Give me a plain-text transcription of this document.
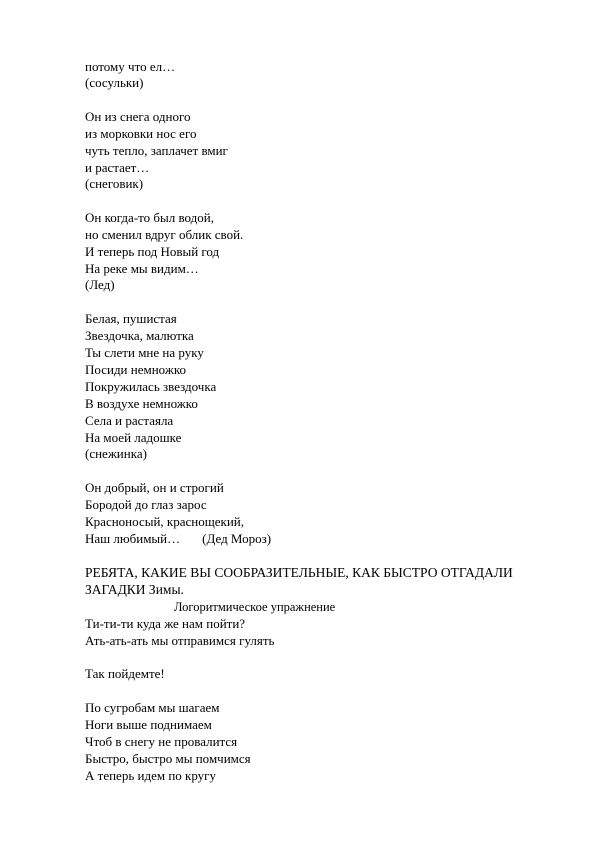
потому что ел…
(сосульки)
Он из снега одного
из морковки нос его
чуть тепло, заплачет вмиг
и растает…
(снеговик)
Он когда-то был водой,
но сменил вдруг облик свой.
И теперь под Новый год
На реке мы видим…
(Лед)
Белая, пушистая
Звездочка, малютка
Ты слети мне на руку
Посиди немножко
Покружилась звездочка
В воздухе немножко
Села и растаяла
На моей ладошке
(снежинка)
Он добрый, он и строгий
Бородой до глаз зарос
Красноносый, краснощекий,
Наш любимый… (Дед Мороз)
РЕБЯТА, КАКИЕ ВЫ СООБРАЗИТЕЛЬНЫЕ, КАК БЫСТРО ОТГАДАЛИ
ЗАГАДКИ Зимы.
Логоритмическое упражнение
Ти-ти-ти куда же нам пойти?
Ать-ать-ать мы отправимся гулять
Так пойдемте!
По сугробам мы шагаем
Ноги выше поднимаем
Чтоб в снегу не провалится
Быстро, быстро мы помчимся
А теперь идем по кругу
